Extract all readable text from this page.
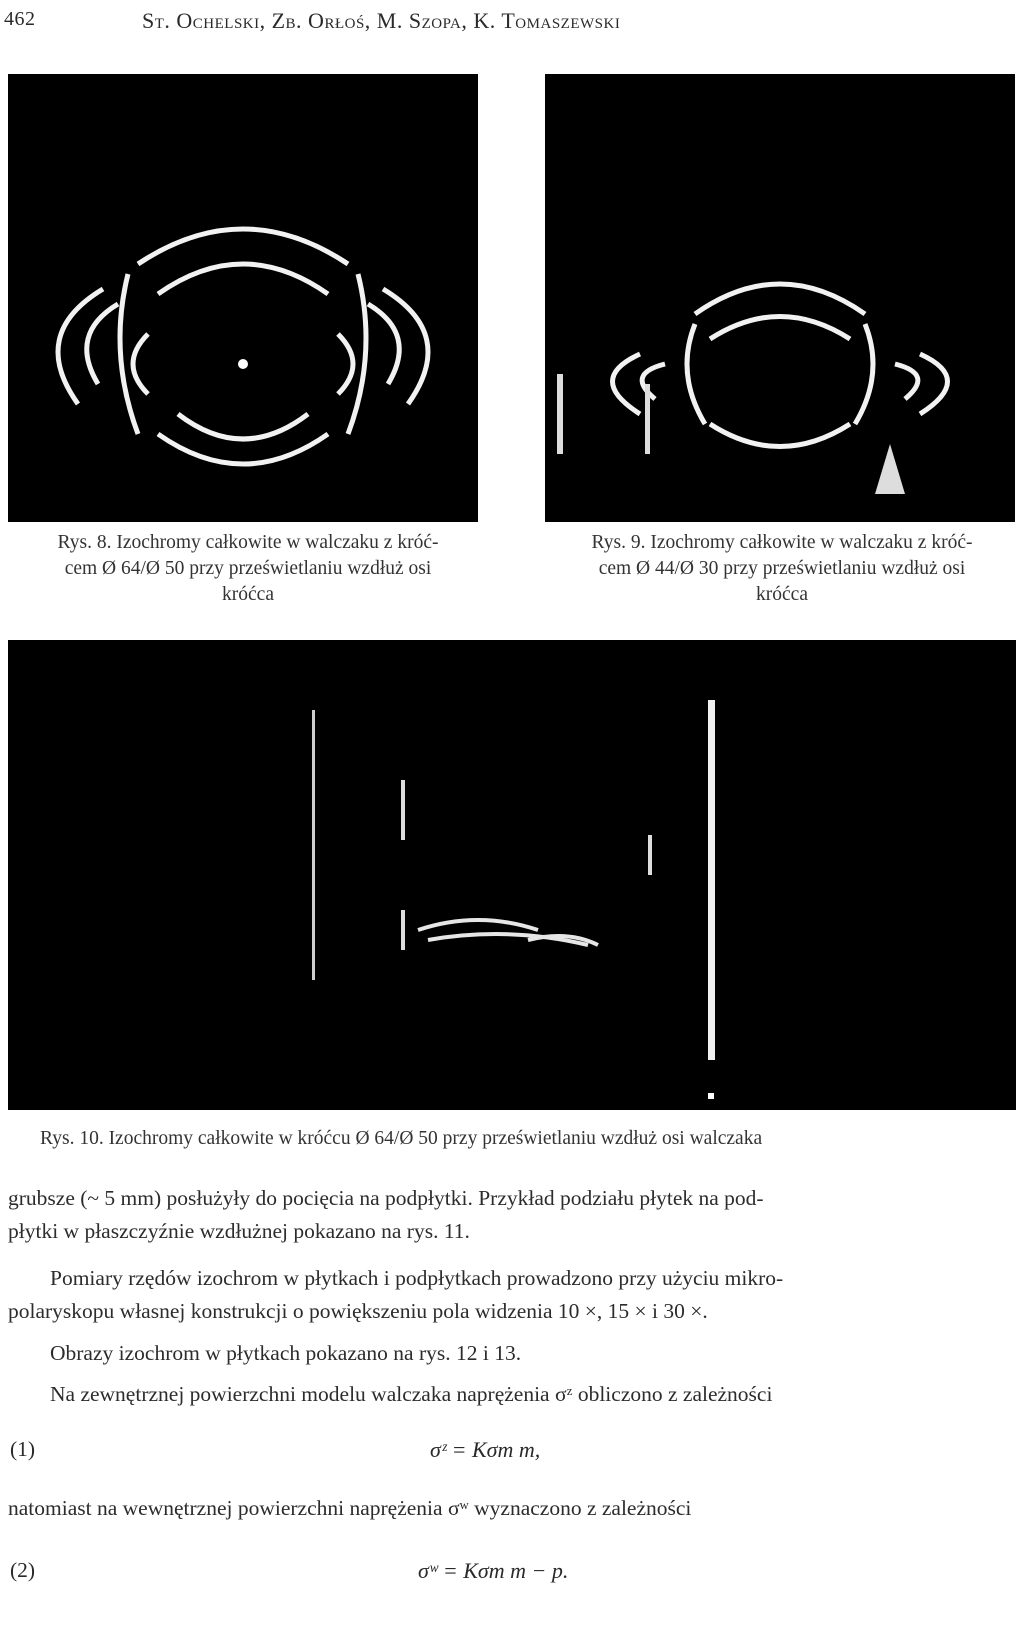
462	St. Ochelski, Zb. Orłoś, M. Szopa, K. Tomaszewski
Rys. 8. Izochromy całkowite w walczaku z króć-
cem Ø 64/Ø 50 przy prześwietlaniu wzdłuż osi
króćca
Rys. 9. Izochromy całkowite w walczaku z króć-
cem Ø 44/Ø 30 przy prześwietlaniu wzdłuż osi
króćca
Rys. 10. Izochromy całkowite w króćcu Ø 64/Ø 50 przy prześwietlaniu wzdłuż osi walczaka
grubsze (~ 5 mm) posłużyły do pocięcia na podpłytki. Przykład podziału płytek na pod-
płytki w płaszczyźnie wzdłużnej pokazano na rys. 11.
Pomiary rzędów izochrom w płytkach i podpłytkach prowadzono przy użyciu mikro-
polaryskopu własnej konstrukcji o powiększeniu pola widzenia 10 ×, 15 × i 30 ×.
Obrazy izochrom w płytkach pokazano na rys. 12 i 13.
Na zewnętrznej powierzchni modelu walczaka naprężenia σᶻ obliczono z zależności
(1)	σᶻ = Kσm m,
natomiast na wewnętrznej powierzchni naprężenia σʷ wyznaczono z zależności
(2)	σʷ = Kσm m − p.
